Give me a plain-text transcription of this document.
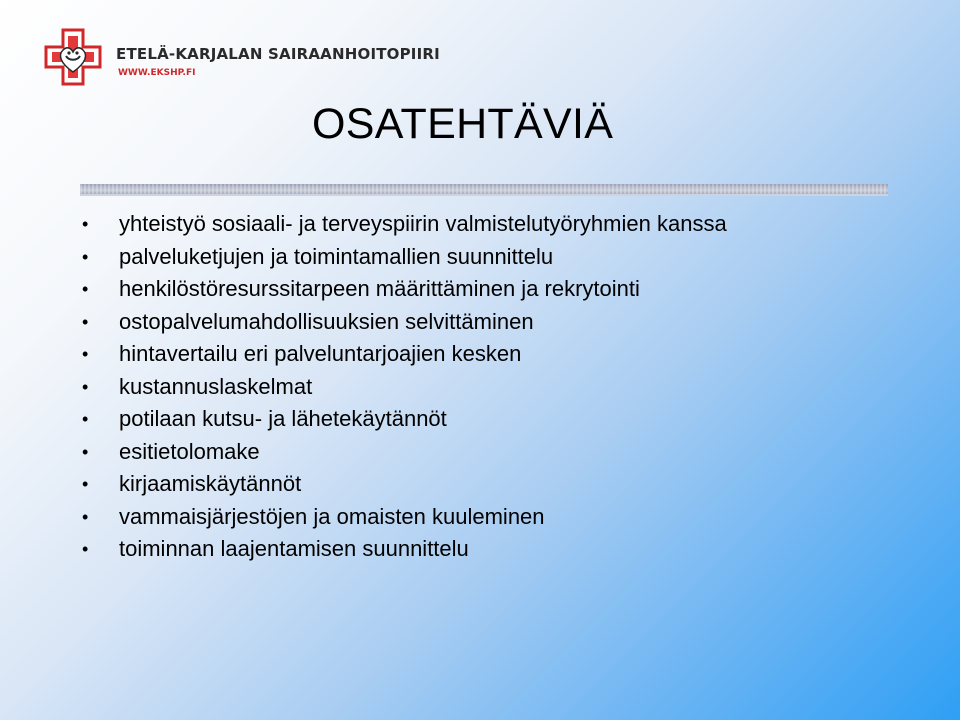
ETELÄ-KARJALAN SAIRAANHOITOPIIRI
WWW.EKSHP.FI
OSATEHTÄVIÄ
• yhteistyö sosiaali- ja terveyspiirin valmistelutyöryhmien kanssa
• palveluketjujen ja toimintamallien suunnittelu
• henkilöstöresurssitarpeen määrittäminen ja rekrytointi
• ostopalvelumahdollisuuksien selvittäminen
• hintavertailu eri palveluntarjoajien kesken
• kustannuslaskelmat
• potilaan kutsu- ja lähetekäytännöt
• esitietolomake
• kirjaamiskäytännöt
• vammaisjärjestöjen ja omaisten kuuleminen
• toiminnan laajentamisen suunnittelu
